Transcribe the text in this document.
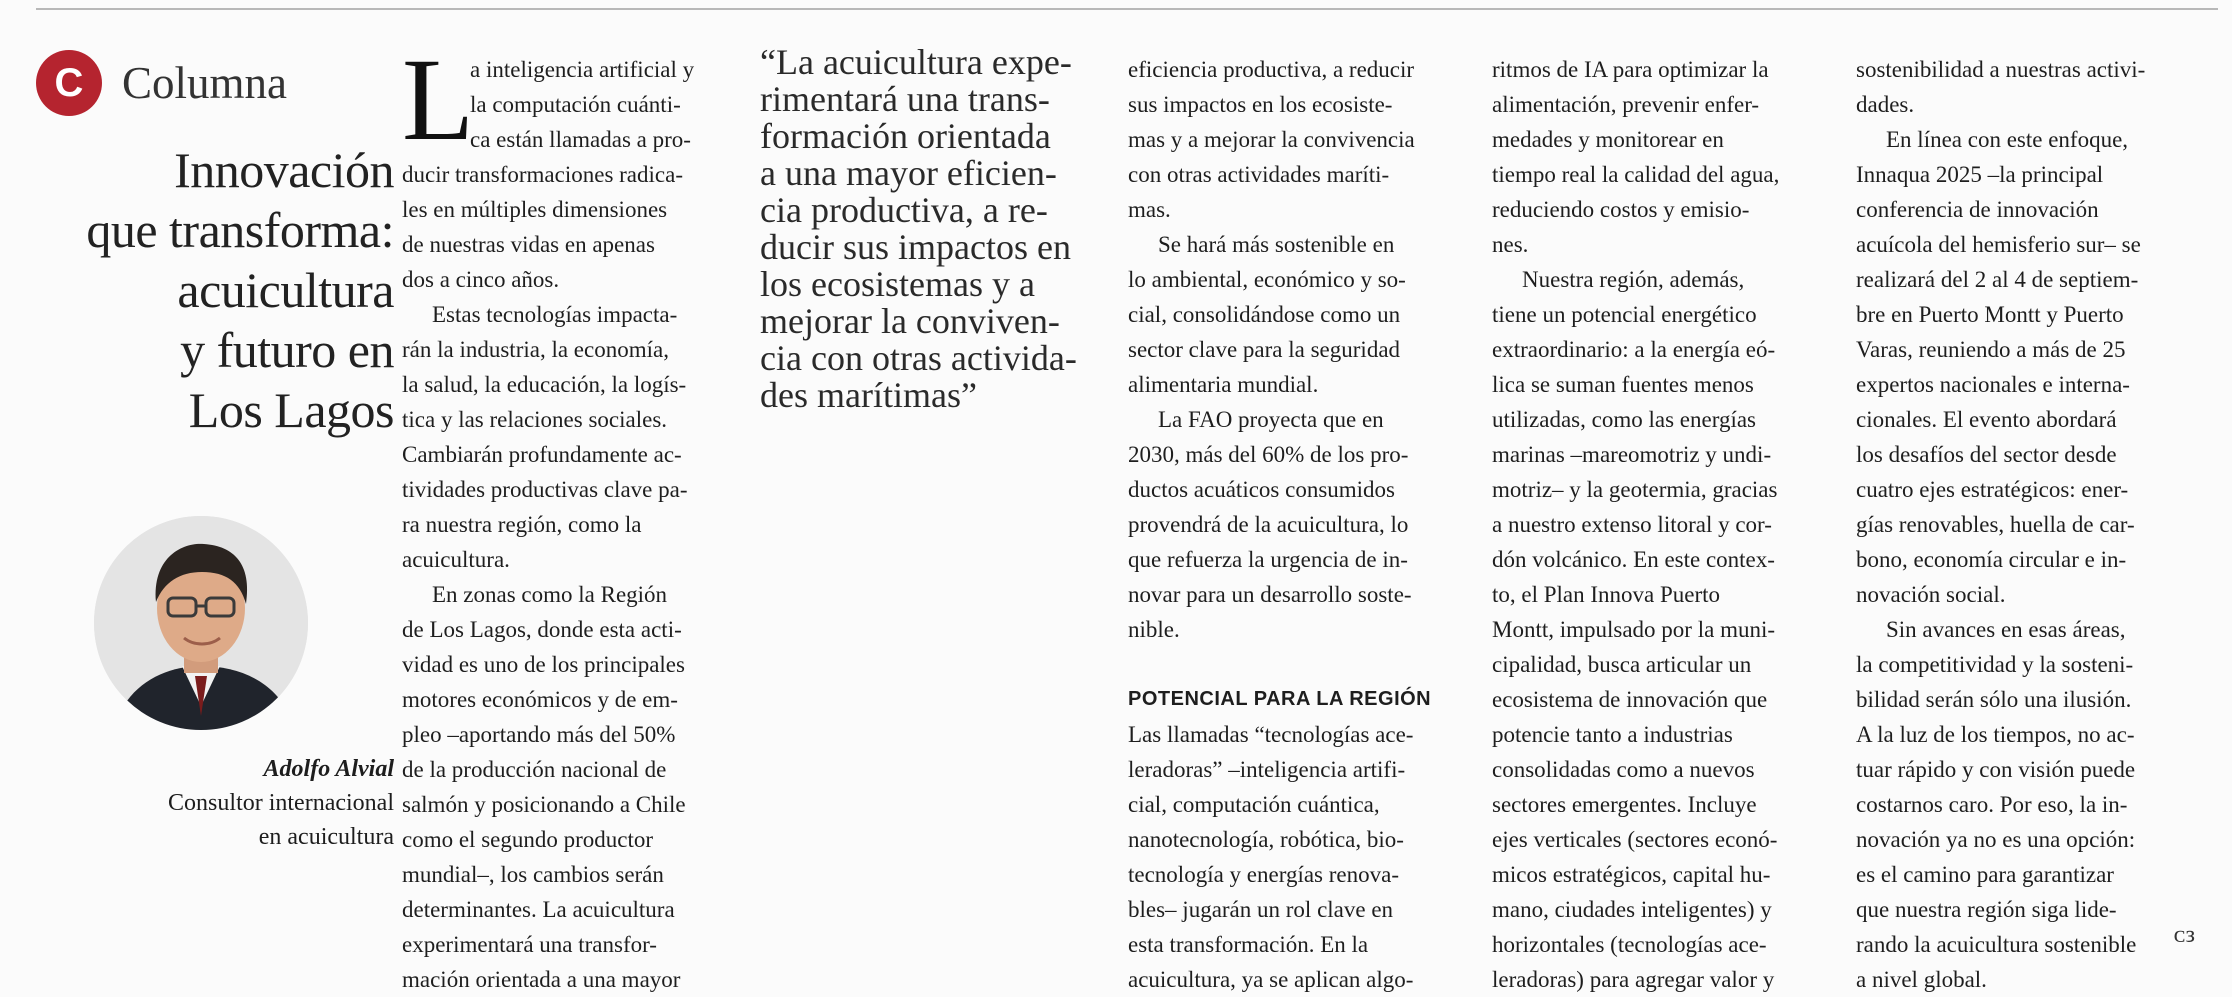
C Columna
Innovación
que transforma:
acuicultura
y futuro en
Los Lagos
Adolfo Alvial
Consultor internacional
en acuicultura
L
a inteligencia artificial y
la computación cuánti-
ca están llamadas a pro-
ducir transformaciones radica-
les en múltiples dimensiones
de nuestras vidas en apenas
dos a cinco años.
Estas tecnologías impacta-
rán la industria, la economía,
la salud, la educación, la logís-
tica y las relaciones sociales.
Cambiarán profundamente ac-
tividades productivas clave pa-
ra nuestra región, como la
acuicultura.
En zonas como la Región
de Los Lagos, donde esta acti-
vidad es uno de los principales
motores económicos y de em-
pleo –aportando más del 50%
de la producción nacional de
salmón y posicionando a Chile
como el segundo productor
mundial–, los cambios serán
determinantes. La acuicultura
experimentará una transfor-
mación orientada a una mayor
“La acuicultura expe-
rimentará una trans-
formación orientada
a una mayor eficien-
cia productiva, a re-
ducir sus impactos en
los ecosistemas y a
mejorar la conviven-
cia con otras activida-
des marítimas”
eficiencia productiva, a reducir
sus impactos en los ecosiste-
mas y a mejorar la convivencia
con otras actividades maríti-
mas.
Se hará más sostenible en
lo ambiental, económico y so-
cial, consolidándose como un
sector clave para la seguridad
alimentaria mundial.
La FAO proyecta que en
2030, más del 60% de los pro-
ductos acuáticos consumidos
provendrá de la acuicultura, lo
que refuerza la urgencia de in-
novar para un desarrollo soste-
nible.
POTENCIAL PARA LA REGIÓN
Las llamadas “tecnologías ace-
leradoras” –inteligencia artifi-
cial, computación cuántica,
nanotecnología, robótica, bio-
tecnología y energías renova-
bles– jugarán un rol clave en
esta transformación. En la
acuicultura, ya se aplican algo-
ritmos de IA para optimizar la
alimentación, prevenir enfer-
medades y monitorear en
tiempo real la calidad del agua,
reduciendo costos y emisio-
nes.
Nuestra región, además,
tiene un potencial energético
extraordinario: a la energía eó-
lica se suman fuentes menos
utilizadas, como las energías
marinas –mareomotriz y undi-
motriz– y la geotermia, gracias
a nuestro extenso litoral y cor-
dón volcánico. En este contex-
to, el Plan Innova Puerto
Montt, impulsado por la muni-
cipalidad, busca articular un
ecosistema de innovación que
potencie tanto a industrias
consolidadas como a nuevos
sectores emergentes. Incluye
ejes verticales (sectores econó-
micos estratégicos, capital hu-
mano, ciudades inteligentes) y
horizontales (tecnologías ace-
leradoras) para agregar valor y
sostenibilidad a nuestras activi-
dades.
En línea con este enfoque,
Innaqua 2025 –la principal
conferencia de innovación
acuícola del hemisferio sur– se
realizará del 2 al 4 de septiem-
bre en Puerto Montt y Puerto
Varas, reuniendo a más de 25
expertos nacionales e interna-
cionales. El evento abordará
los desafíos del sector desde
cuatro ejes estratégicos: ener-
gías renovables, huella de car-
bono, economía circular e in-
novación social.
Sin avances en esas áreas,
la competitividad y la sosteni-
bilidad serán sólo una ilusión.
A la luz de los tiempos, no ac-
tuar rápido y con visión puede
costarnos caro. Por eso, la in-
novación ya no es una opción:
es el camino para garantizar
que nuestra región siga lide-
rando la acuicultura sostenible
a nivel global.
ᴄᴈ
